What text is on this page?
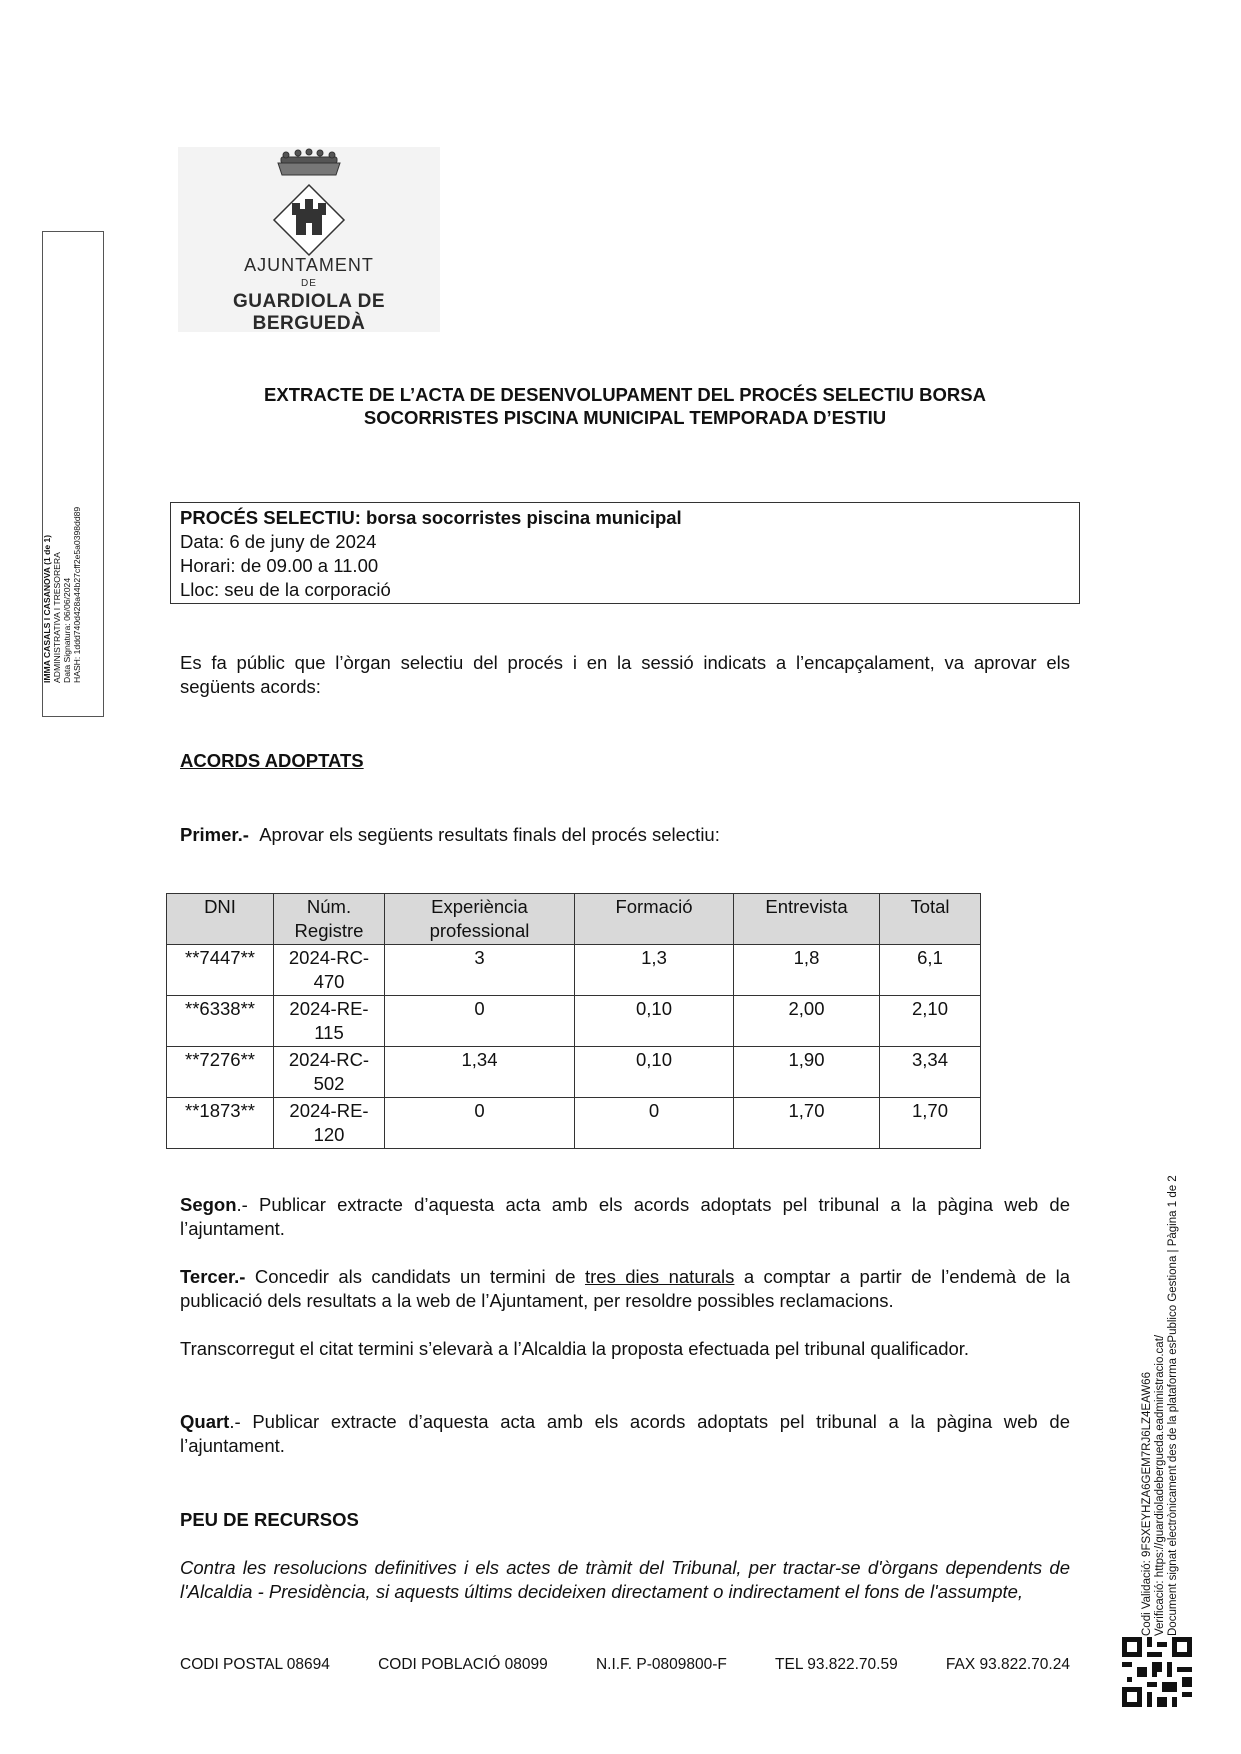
AJUNTAMENT
DE
GUARDIOLA DE BERGUEDÀ
IMMA CASALS I CASANOVA (1 de 1) ADMINISTRATIVA I TRESORERA Data Signatura: 06/06/2024 HASH: 1ddd740d428a44b27cff2e5a0398dd89
Codi Validació: 9FSXEYHZA6GEM7RJ6LZ4EAW66 Verificació: https://guardioladebergueda.eadministracio.cat/ Document signat electrònicament des de la plataforma esPublico Gestiona | Pàgina 1 de 2
EXTRACTE DE L’ACTA DE DESENVOLUPAMENT DEL PROCÉS SELECTIU BORSA
SOCORRISTES PISCINA MUNICIPAL TEMPORADA D’ESTIU
PROCÉS SELECTIU: borsa socorristes piscina municipal
Data: 6 de juny de 2024
Horari: de 09.00 a 11.00
Lloc: seu de la corporació
Es fa públic que l’òrgan selectiu del procés i en la sessió indicats a l’encapçalament, va aprovar els següents acords:
ACORDS ADOPTATS
Primer.- Aprovar els següents resultats finals del procés selectiu:
DNI	Núm. Registre	Experiència professional	Formació	Entrevista	Total
**7447**	2024-RC-470	3	1,3	1,8	6,1
**6338**	2024-RE-115	0	0,10	2,00	2,10
**7276**	2024-RC-502	1,34	0,10	1,90	3,34
**1873**	2024-RE-120	0	0	1,70	1,70
Segon.- Publicar extracte d’aquesta acta amb els acords adoptats pel tribunal a la pàgina web de l’ajuntament.
Tercer.- Concedir als candidats un termini de tres dies naturals a comptar a partir de l’endemà de la publicació dels resultats a la web de l’Ajuntament, per resoldre possibles reclamacions.
Transcorregut el citat termini s’elevarà a l’Alcaldia la proposta efectuada pel tribunal qualificador.
Quart.- Publicar extracte d’aquesta acta amb els acords adoptats pel tribunal a la pàgina web de l’ajuntament.
PEU DE RECURSOS
Contra les resolucions definitives i els actes de tràmit del Tribunal, per tractar-se d'òrgans dependents de l'Alcaldia - Presidència, si aquests últims decideixen directament o indirectament el fons de l'assumpte,
CODI POSTAL 08694	CODI POBLACIÓ 08099	N.I.F. P-0809800-F	TEL 93.822.70.59	FAX 93.822.70.24
